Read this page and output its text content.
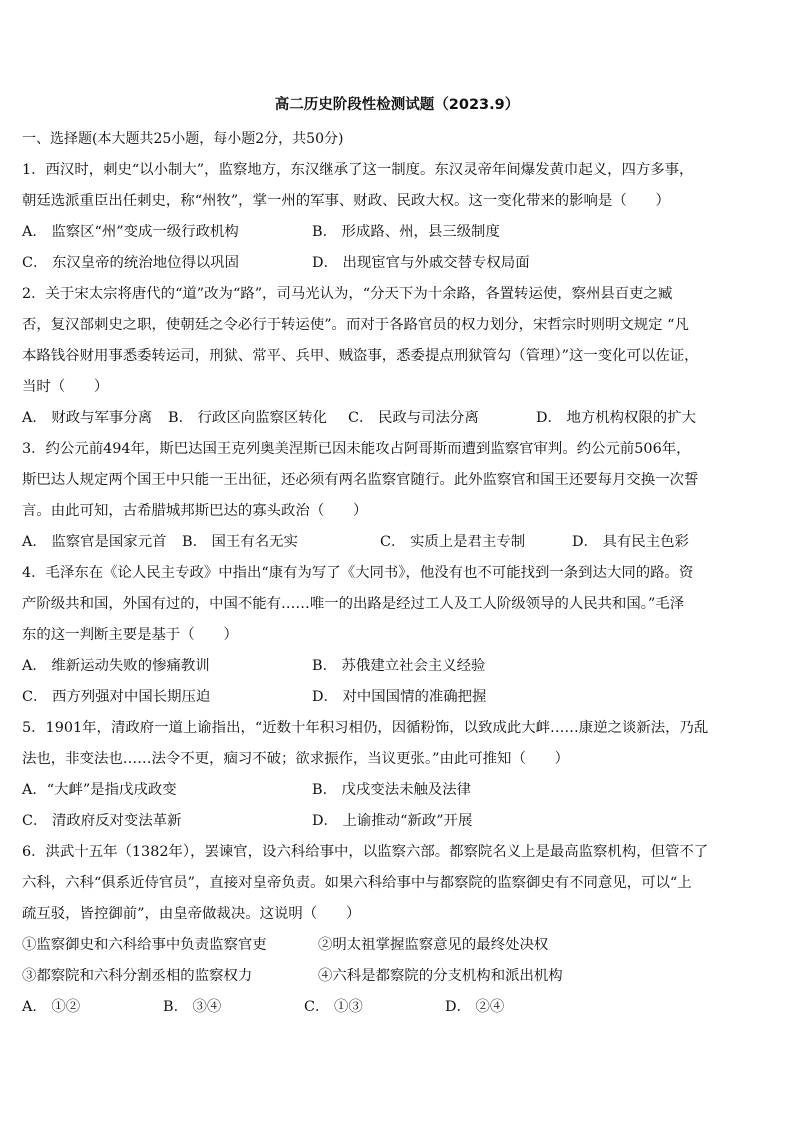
高二历史阶段性检测试题（2023.9）
一、选择题(本大题共25小题，每小题2分，共50分)
1．西汉时，刺史“以小制大”，监察地方，东汉继承了这一制度。东汉灵帝年间爆发黄巾起义，四方多事，
朝廷选派重臣出任刺史，称“州牧”，掌一州的军事、财政、民政大权。这一变化带来的影响是（　　）
A． 监察区“州”变成一级行政机构	B． 形成路、州，县三级制度
C． 东汉皇帝的统治地位得以巩固	D． 出现宦官与外戚交替专权局面
2．关于宋太宗将唐代的“道”改为“路”，司马光认为，“分天下为十余路，各置转运使，察州县百吏之臧
否，复汉部刺史之职，使朝廷之令必行于转运使”。而对于各路官员的权力划分，宋哲宗时则明文规定 “凡
本路钱谷财用事悉委转运司，刑狱、常平、兵甲、贼盗事，悉委提点刑狱管勾（管理）”这一变化可以佐证，
当时（　　）
A． 财政与军事分离	B． 行政区向监察区转化	C． 民政与司法分离	D． 地方机构权限的扩大
3．约公元前494年，斯巴达国王克列奥美涅斯已因未能攻占阿哥斯而遭到监察官审判。约公元前506年，
斯巴达人规定两个国王中只能一王出征，还必须有两名监察官随行。此外监察官和国王还要每月交换一次誓
言。由此可知，古希腊城邦斯巴达的寡头政治（　　）
A． 监察官是国家元首	B． 国王有名无实	C． 实质上是君主专制	D． 具有民主色彩
4．毛泽东在《论人民主专政》中指出“康有为写了《大同书》，他没有也不可能找到一条到达大同的路。资
产阶级共和国，外国有过的，中国不能有……唯一的出路是经过工人及工人阶级领导的人民共和国。”毛泽
东的这一判断主要是基于（　　）
A． 维新运动失败的惨痛教训	B． 苏俄建立社会主义经验
C． 西方列强对中国长期压迫	D． 对中国国情的准确把握
5．1901年，清政府一道上谕指出，“近数十年积习相仍，因循粉饰，以致成此大衅……康逆之谈新法，乃乱
法也，非变法也……法令不更，痼习不破；欲求振作，当议更张。”由此可推知（　　）
A．“大衅”是指戊戌政变	B． 戊戌变法未触及法律
C． 清政府反对变法革新	D． 上谕推动“新政”开展
6．洪武十五年（1382年），罢谏官，设六科给事中，以监察六部。都察院名义上是最高监察机构，但管不了
六科，六科“俱系近侍官员”，直接对皇帝负责。如果六科给事中与都察院的监察御史有不同意见，可以“上
疏互驳，皆控御前”，由皇帝做裁决。这说明（　　）
①监察御史和六科给事中负责监察官吏	②明太祖掌握监察意见的最终处决权
③都察院和六科分割丞相的监察权力	④六科是都察院的分支机构和派出机构
A． ①②	B． ③④	C． ①③	D． ②④
